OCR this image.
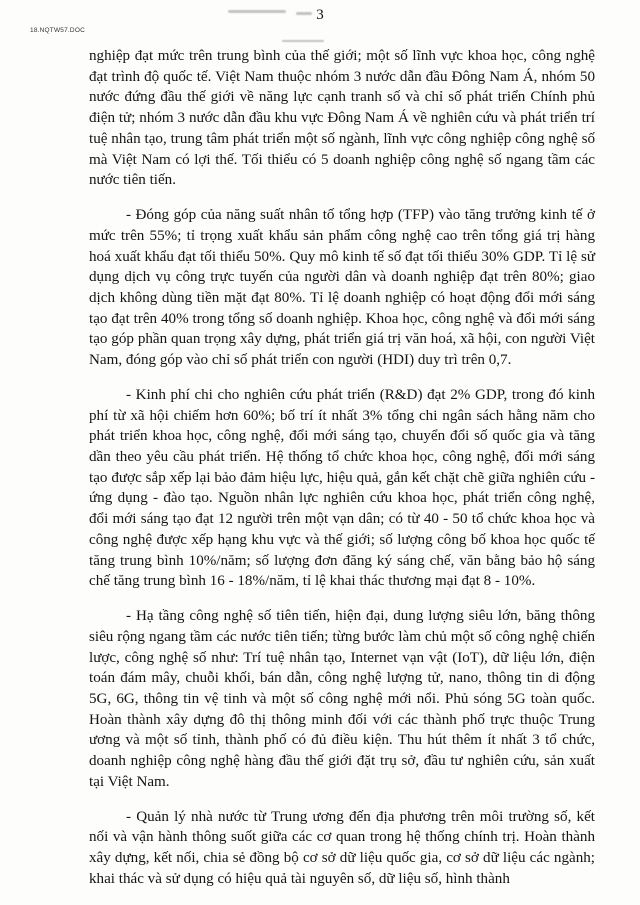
18.NQTW57.DOC
3

nghiệp đạt mức trên trung bình của thế giới; một số lĩnh vực khoa học, công nghệ đạt trình độ quốc tế. Việt Nam thuộc nhóm 3 nước dẫn đầu Đông Nam Á, nhóm 50 nước đứng đầu thế giới về năng lực cạnh tranh số và chỉ số phát triển Chính phủ điện tử; nhóm 3 nước dẫn đầu khu vực Đông Nam Á về nghiên cứu và phát triển trí tuệ nhân tạo, trung tâm phát triển một số ngành, lĩnh vực công nghiệp công nghệ số mà Việt Nam có lợi thế. Tối thiểu có 5 doanh nghiệp công nghệ số ngang tầm các nước tiên tiến.

- Đóng góp của năng suất nhân tố tổng hợp (TFP) vào tăng trưởng kinh tế ở mức trên 55%; tỉ trọng xuất khẩu sản phẩm công nghệ cao trên tổng giá trị hàng hoá xuất khẩu đạt tối thiểu 50%. Quy mô kinh tế số đạt tối thiểu 30% GDP. Tỉ lệ sử dụng dịch vụ công trực tuyến của người dân và doanh nghiệp đạt trên 80%; giao dịch không dùng tiền mặt đạt 80%. Tỉ lệ doanh nghiệp có hoạt động đổi mới sáng tạo đạt trên 40% trong tổng số doanh nghiệp. Khoa học, công nghệ và đổi mới sáng tạo góp phần quan trọng xây dựng, phát triển giá trị văn hoá, xã hội, con người Việt Nam, đóng góp vào chỉ số phát triển con người (HDI) duy trì trên 0,7.

- Kinh phí chi cho nghiên cứu phát triển (R&D) đạt 2% GDP, trong đó kinh phí từ xã hội chiếm hơn 60%; bố trí ít nhất 3% tổng chi ngân sách hằng năm cho phát triển khoa học, công nghệ, đổi mới sáng tạo, chuyển đổi số quốc gia và tăng dần theo yêu cầu phát triển. Hệ thống tổ chức khoa học, công nghệ, đổi mới sáng tạo được sắp xếp lại bảo đảm hiệu lực, hiệu quả, gắn kết chặt chẽ giữa nghiên cứu - ứng dụng - đào tạo. Nguồn nhân lực nghiên cứu khoa học, phát triển công nghệ, đổi mới sáng tạo đạt 12 người trên một vạn dân; có từ 40 - 50 tổ chức khoa học và công nghệ được xếp hạng khu vực và thế giới; số lượng công bố khoa học quốc tế tăng trung bình 10%/năm; số lượng đơn đăng ký sáng chế, văn bằng bảo hộ sáng chế tăng trung bình 16 - 18%/năm, tỉ lệ khai thác thương mại đạt 8 - 10%.

- Hạ tầng công nghệ số tiên tiến, hiện đại, dung lượng siêu lớn, băng thông siêu rộng ngang tầm các nước tiên tiến; từng bước làm chủ một số công nghệ chiến lược, công nghệ số như: Trí tuệ nhân tạo, Internet vạn vật (IoT), dữ liệu lớn, điện toán đám mây, chuỗi khối, bán dẫn, công nghệ lượng tử, nano, thông tin di động 5G, 6G, thông tin vệ tinh và một số công nghệ mới nổi. Phủ sóng 5G toàn quốc. Hoàn thành xây dựng đô thị thông minh đối với các thành phố trực thuộc Trung ương và một số tỉnh, thành phố có đủ điều kiện. Thu hút thêm ít nhất 3 tổ chức, doanh nghiệp công nghệ hàng đầu thế giới đặt trụ sở, đầu tư nghiên cứu, sản xuất tại Việt Nam.

- Quản lý nhà nước từ Trung ương đến địa phương trên môi trường số, kết nối và vận hành thông suốt giữa các cơ quan trong hệ thống chính trị. Hoàn thành xây dựng, kết nối, chia sẻ đồng bộ cơ sở dữ liệu quốc gia, cơ sở dữ liệu các ngành; khai thác và sử dụng có hiệu quả tài nguyên số, dữ liệu số, hình thành
